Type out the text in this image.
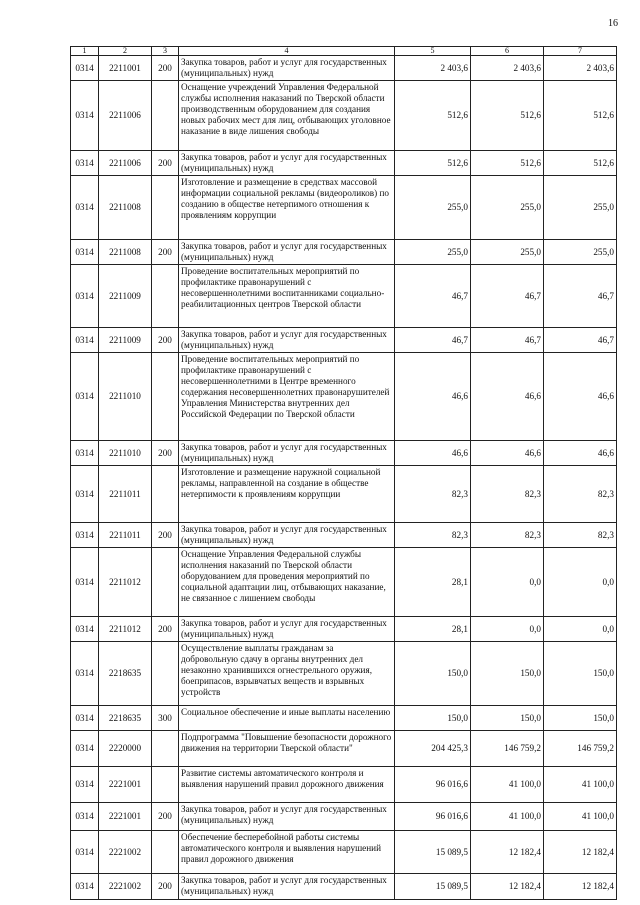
16
1	2	3	4	5	6	7
0314	2211001	200	Закупка товаров, работ и услуг для государственных (муниципальных) нужд	2 403,6	2 403,6	2 403,6
0314	2211006		Оснащение учреждений Управления Федеральной службы исполнения наказаний по Тверской области производственным оборудованием для создания новых рабочих мест для лиц, отбывающих уголовное наказание в виде лишения свободы	512,6	512,6	512,6
0314	2211006	200	Закупка товаров, работ и услуг для государственных (муниципальных) нужд	512,6	512,6	512,6
0314	2211008		Изготовление и размещение в средствах массовой информации социальной рекламы (видеороликов) по созданию в обществе нетерпимого отношения к проявлениям коррупции	255,0	255,0	255,0
0314	2211008	200	Закупка товаров, работ и услуг для государственных (муниципальных) нужд	255,0	255,0	255,0
0314	2211009		Проведение воспитательных мероприятий по профилактике правонарушений с несовершеннолетними воспитанниками социально-реабилитационных центров Тверской области	46,7	46,7	46,7
0314	2211009	200	Закупка товаров, работ и услуг для государственных (муниципальных) нужд	46,7	46,7	46,7
0314	2211010		Проведение воспитательных мероприятий по профилактике правонарушений с несовершеннолетними в Центре временного содержания несовершеннолетних правонарушителей Управления Министерства внутренних дел Российской Федерации по Тверской области	46,6	46,6	46,6
0314	2211010	200	Закупка товаров, работ и услуг для государственных (муниципальных) нужд	46,6	46,6	46,6
0314	2211011		Изготовление и размещение наружной социальной рекламы, направленной на создание в обществе нетерпимости к проявлениям коррупции	82,3	82,3	82,3
0314	2211011	200	Закупка товаров, работ и услуг для государственных (муниципальных) нужд	82,3	82,3	82,3
0314	2211012		Оснащение Управления Федеральной службы исполнения наказаний по Тверской области оборудованием для проведения мероприятий по социальной адаптации лиц, отбывающих наказание, не связанное с лишением свободы	28,1	0,0	0,0
0314	2211012	200	Закупка товаров, работ и услуг для государственных (муниципальных) нужд	28,1	0,0	0,0
0314	2218635		Осуществление выплаты гражданам за добровольную сдачу в органы внутренних дел незаконно хранившихся огнестрельного оружия, боеприпасов, взрывчатых веществ и взрывных устройств	150,0	150,0	150,0
0314	2218635	300	Социальное обеспечение и иные выплаты населению	150,0	150,0	150,0
0314	2220000		Подпрограмма "Повышение безопасности дорожного движения на территории Тверской области"	204 425,3	146 759,2	146 759,2
0314	2221001		Развитие системы автоматического контроля и выявления нарушений правил дорожного движения	96 016,6	41 100,0	41 100,0
0314	2221001	200	Закупка товаров, работ и услуг для государственных (муниципальных) нужд	96 016,6	41 100,0	41 100,0
0314	2221002		Обеспечение бесперебойной работы системы автоматического контроля и выявления нарушений правил дорожного движения	15 089,5	12 182,4	12 182,4
0314	2221002	200	Закупка товаров, работ и услуг для государственных (муниципальных) нужд	15 089,5	12 182,4	12 182,4
